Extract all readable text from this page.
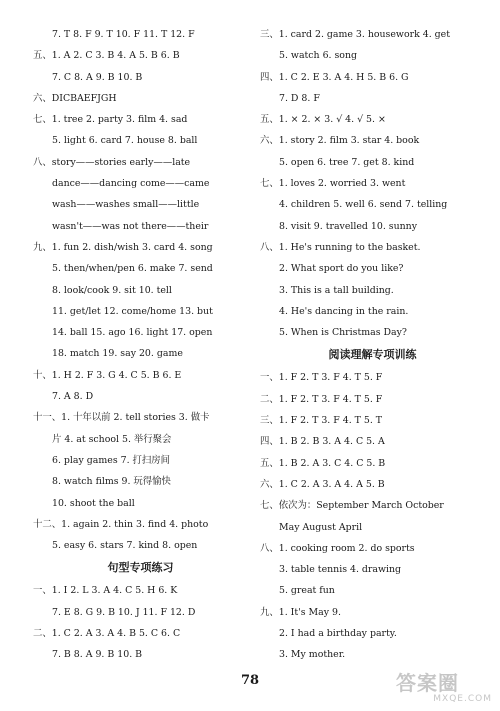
7. T 8. F 9. T 10. F 11. T 12. F
五、1. A 2. C 3. B 4. A 5. B 6. B
7. C 8. A 9. B 10. B
六、DICBAEFJGH
七、1. tree 2. party 3. film 4. sad
5. light 6. card 7. house 8. ball
八、story——stories early——late
dance——dancing come——came
wash——washes small——little
wasn't——was not there——their
九、1. fun 2. dish/wish 3. card 4. song
5. then/when/pen 6. make 7. send
8. look/cook 9. sit 10. tell
11. get/let 12. come/home 13. but
14. ball 15. ago 16. light 17. open
18. match 19. say 20. game
十、1. H 2. F 3. G 4. C 5. B 6. E
7. A 8. D
十一、1. 十年以前 2. tell stories 3. 做卡
片 4. at school 5. 举行聚会
6. play games 7. 打扫房间
8. watch films 9. 玩得愉快
10. shoot the ball
十二、1. again 2. thin 3. find 4. photo
5. easy 6. stars 7. kind 8. open
句型专项练习
一、1. I 2. L 3. A 4. C 5. H 6. K
7. E 8. G 9. B 10. J 11. F 12. D
二、1. C 2. A 3. A 4. B 5. C 6. C
7. B 8. A 9. B 10. B
三、1. card 2. game 3. housework 4. get
5. watch 6. song
四、1. C 2. E 3. A 4. H 5. B 6. G
7. D 8. F
五、1. × 2. × 3. √ 4. √ 5. ×
六、1. story 2. film 3. star 4. book
5. open 6. tree 7. get 8. kind
七、1. loves 2. worried 3. went
4. children 5. well 6. send 7. telling
8. visit 9. travelled 10. sunny
八、1. He's running to the basket.
2. What sport do you like?
3. This is a tall building.
4. He's dancing in the rain.
5. When is Christmas Day?
阅读理解专项训练
一、1. F 2. T 3. F 4. T 5. F
二、1. F 2. T 3. F 4. T 5. F
三、1. F 2. T 3. F 4. T 5. T
四、1. B 2. B 3. A 4. C 5. A
五、1. B 2. A 3. C 4. C 5. B
六、1. C 2. A 3. A 4. A 5. B
七、依次为：September March October
May August April
八、1. cooking room 2. do sports
3. table tennis 4. drawing
5. great fun
九、1. It's May 9.
2. I had a birthday party.
3. My mother.
78	答案圈
MXQE.COM
